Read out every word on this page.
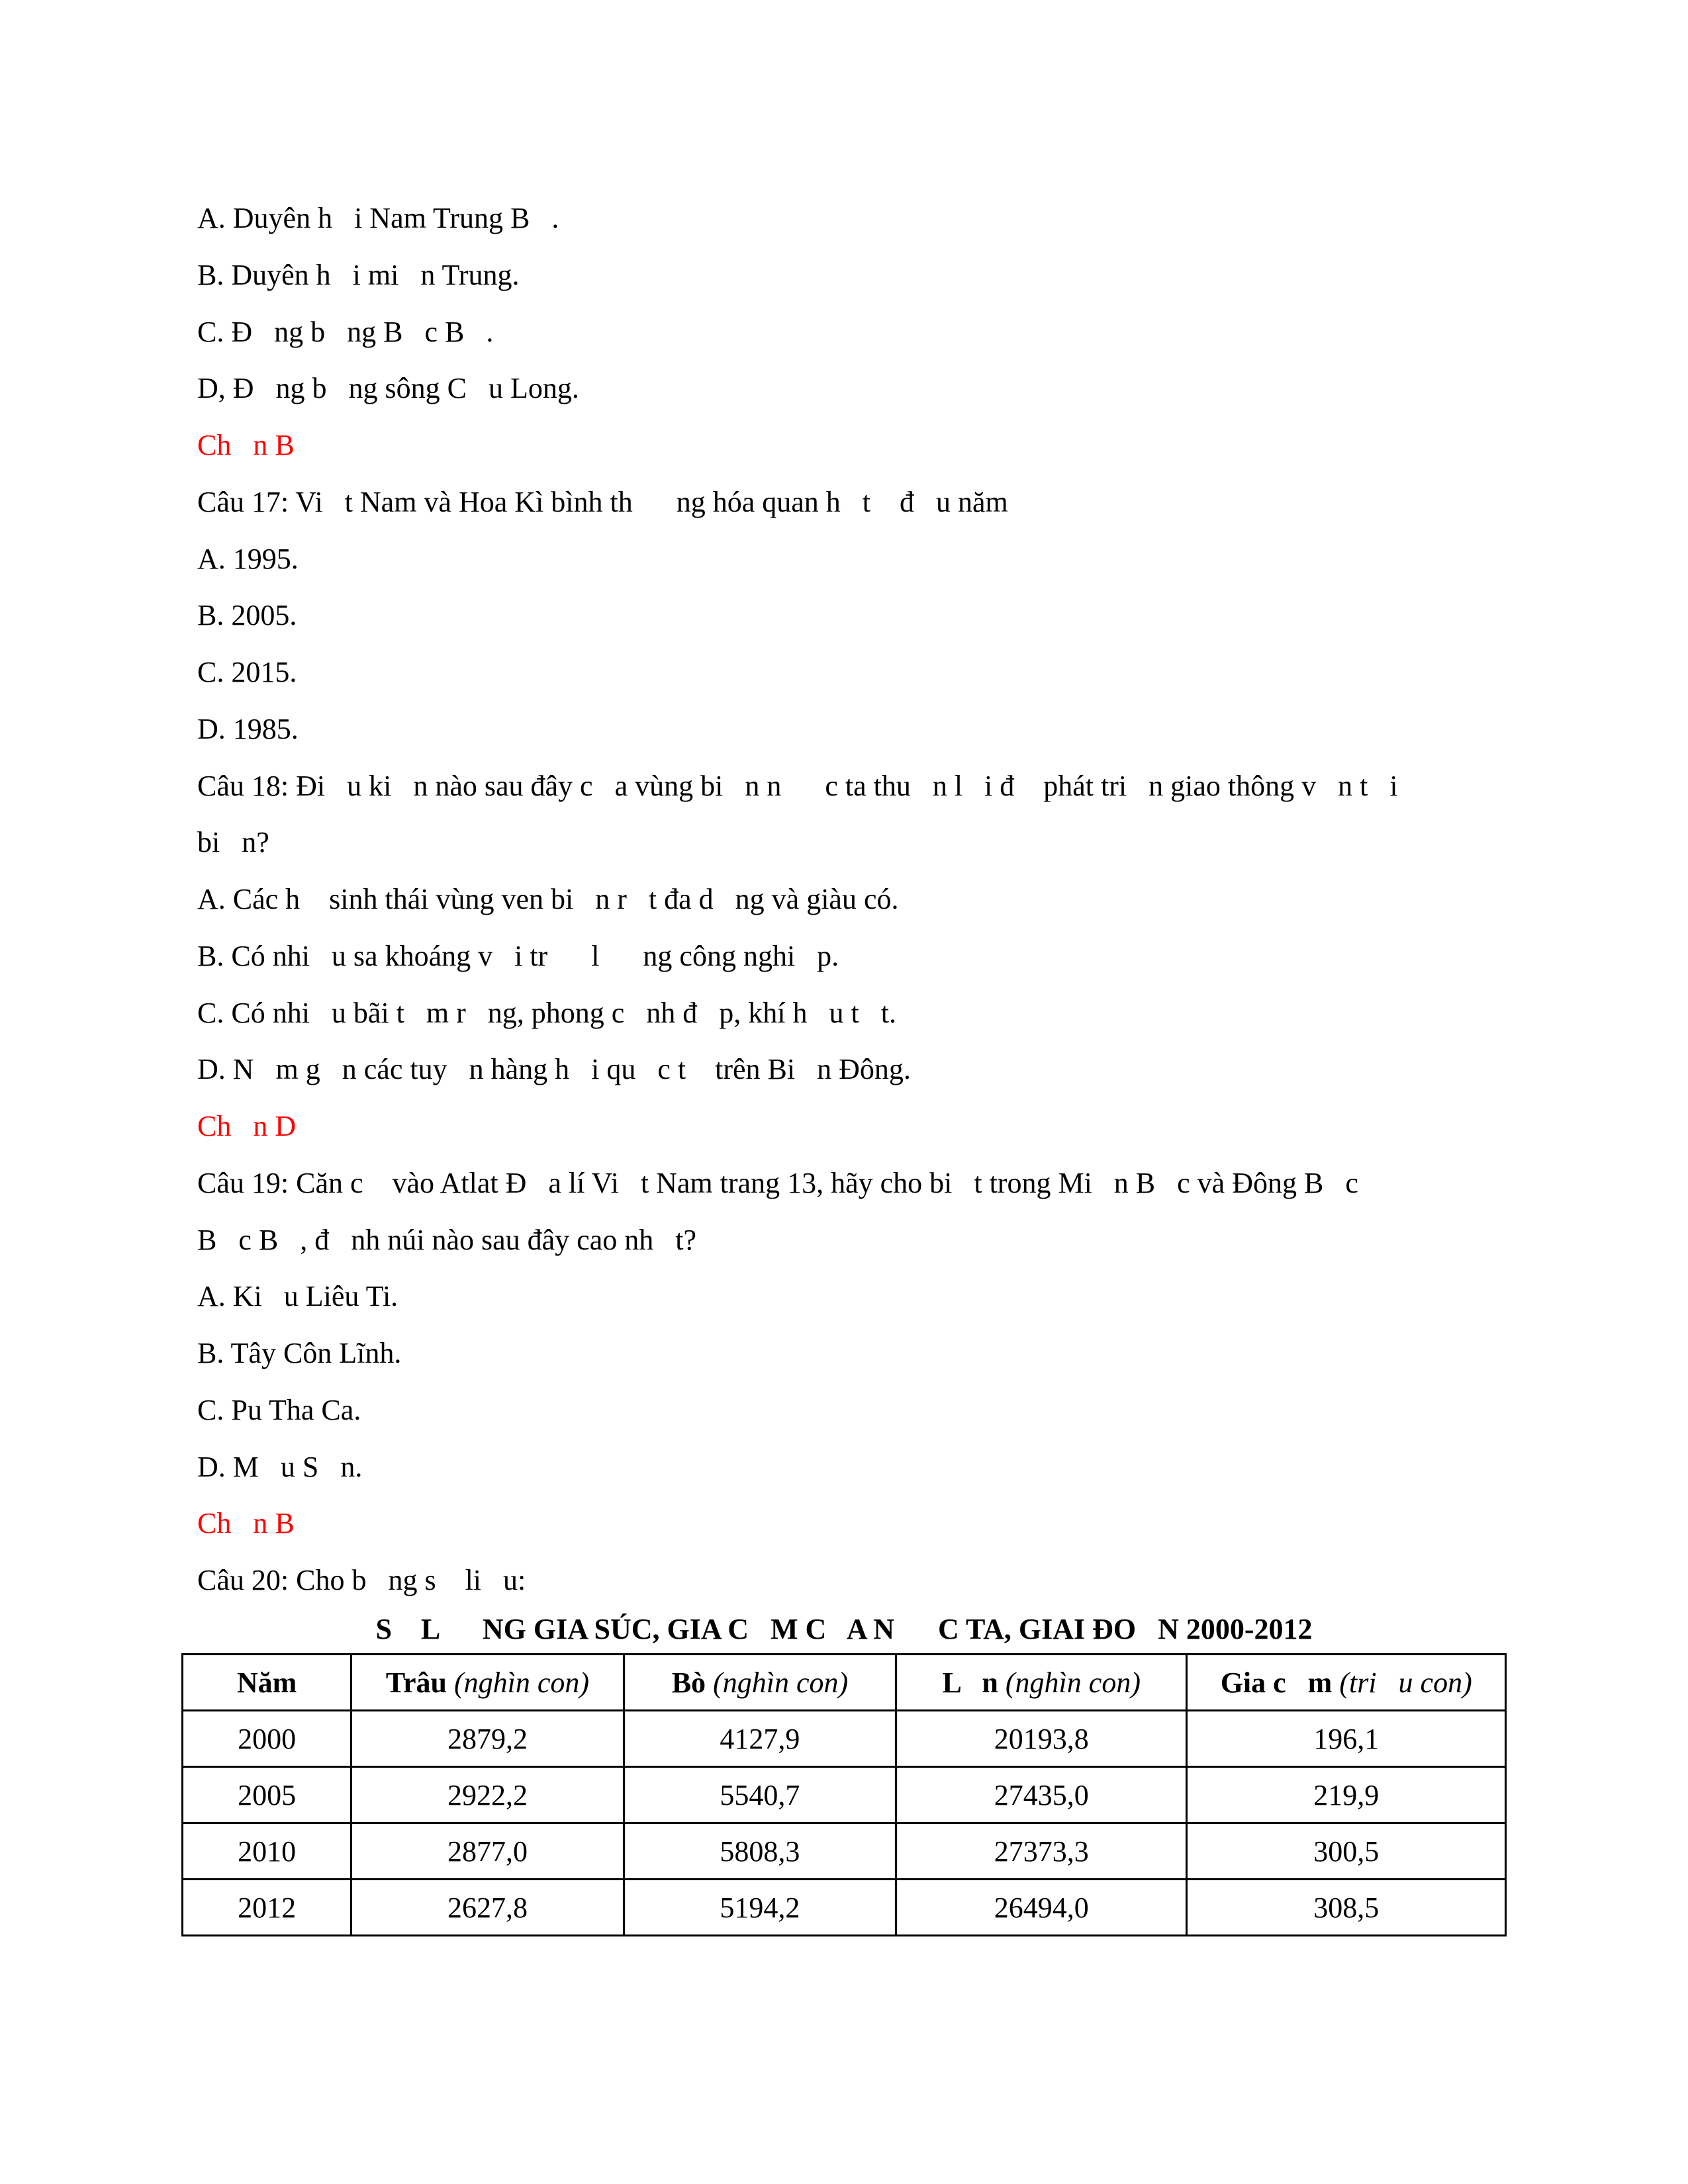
A. Duyên h   i Nam Trung B   .
B. Duyên h   i mi   n Trung.
C. Đ   ng b   ng B   c B   .
D, Đ   ng b   ng sông C   u Long.
Ch   n B
Câu 17: Vi   t Nam và Hoa Kì bình th      ng hóa quan h   t    đ   u năm
A. 1995.
B. 2005.
C. 2015.
D. 1985.
Câu 18: Đi   u ki   n nào sau đây c   a vùng bi   n n      c ta thu   n l   i đ    phát tri   n giao thông v   n t   i
bi   n?
A. Các h    sinh thái vùng ven bi   n r   t đa d   ng và giàu có.
B. Có nhi   u sa khoáng v   i tr      l      ng công nghi   p.
C. Có nhi   u bãi t   m r   ng, phong c   nh đ   p, khí h   u t   t.
D. N   m g   n các tuy   n hàng h   i qu   c t    trên Bi   n Đông.
Ch   n D
Câu 19: Căn c    vào Atlat Đ   a lí Vi   t Nam trang 13, hãy cho bi   t trong Mi   n B   c và Đông B   c
B   c B   , đ   nh núi nào sau đây cao nh   t?
A. Ki   u Liêu Ti.
B. Tây Côn Lĩnh.
C. Pu Tha Ca.
D. M   u S   n.
Ch   n B
Câu 20: Cho b   ng s    li   u:
S    L      NG GIA SÚC, GIA C   M C   A N      C TA, GIAI ĐO   N 2000-2012
Năm	Trâu (nghìn con)	Bò (nghìn con)	L   n (nghìn con)	Gia c   m (tri   u con)
2000	2879,2	4127,9	20193,8	196,1
2005	2922,2	5540,7	27435,0	219,9
2010	2877,0	5808,3	27373,3	300,5
2012	2627,8	5194,2	26494,0	308,5
